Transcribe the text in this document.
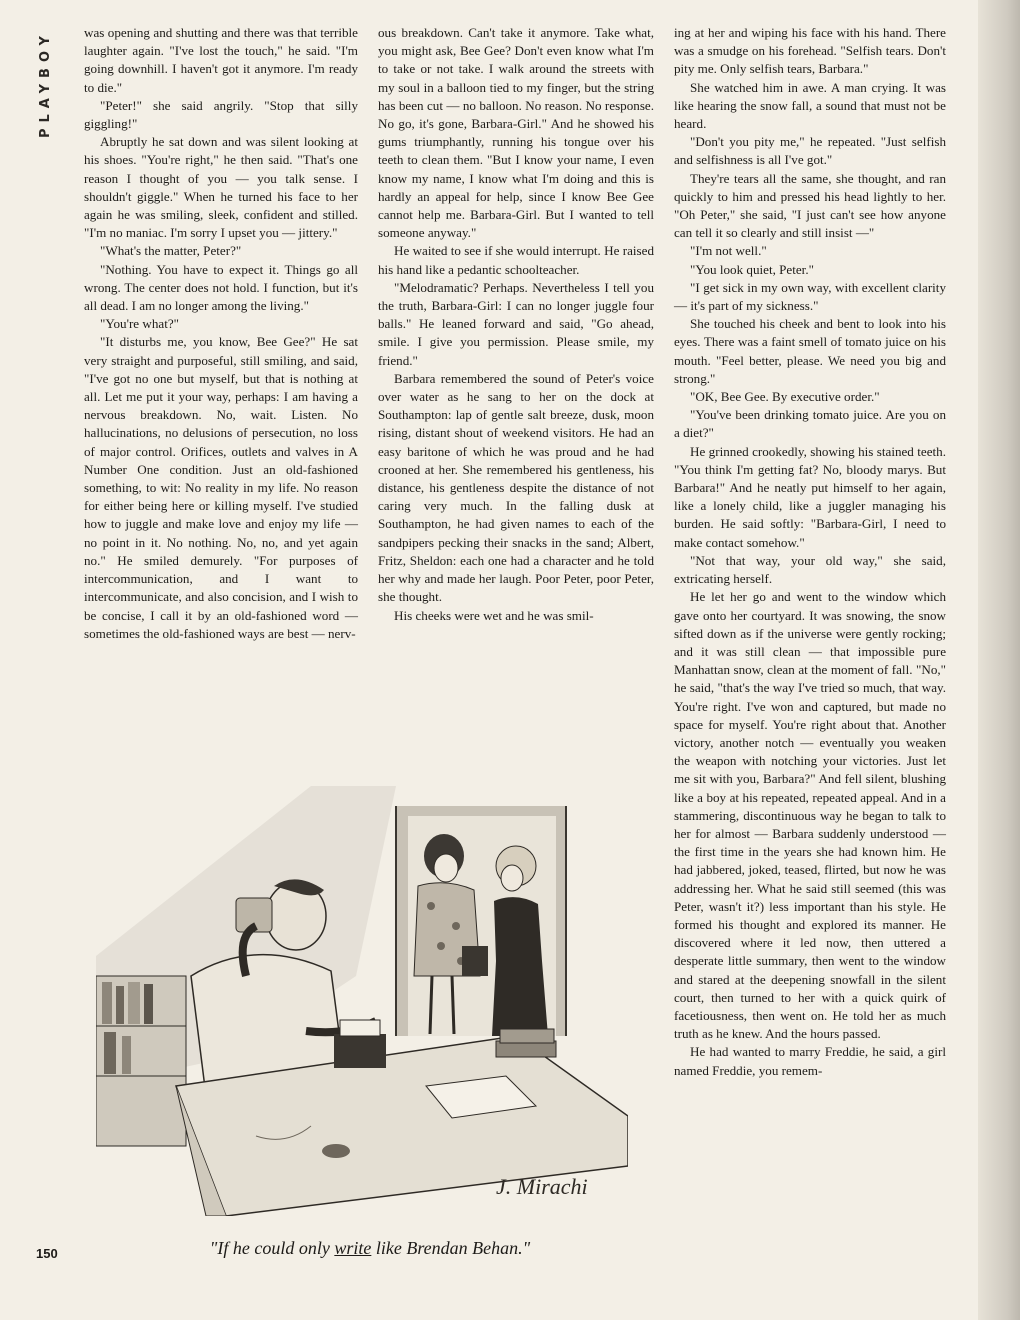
PLAYBOY	was opening and shutting and there was that terrible laughter again. "I've lost the touch," he said. "I'm going downhill. I haven't got it anymore. I'm ready to die."

"Peter!" she said angrily. "Stop that silly giggling!"

Abruptly he sat down and was silent looking at his shoes. "You're right," he then said. "That's one reason I thought of you — you talk sense. I shouldn't giggle." When he turned his face to her again he was smiling, sleek, confident and stilled. "I'm no maniac. I'm sorry I upset you — jittery."

"What's the matter, Peter?"

"Nothing. You have to expect it. Things go all wrong. The center does not hold. I function, but it's all dead. I am no longer among the living."

"You're what?"

"It disturbs me, you know, Bee Gee?" He sat very straight and purposeful, still smiling, and said, "I've got no one but myself, but that is nothing at all. Let me put it your way, perhaps: I am having a nervous breakdown. No, wait. Listen. No hallucinations, no delusions of persecution, no loss of major control. Orifices, outlets and valves in A Number One condition. Just an old-fashioned something, to wit: No reality in my life. No reason for either being here or killing myself. I've studied how to juggle and make love and enjoy my life — no point in it. No nothing. No, no, and yet again no." He smiled demurely. "For purposes of intercommunication, and I want to intercommunicate, and also concision, and I wish to be concise, I call it by an old-fashioned word — sometimes the old-fashioned ways are best — nerv-

ous breakdown. Can't take it anymore. Take what, you might ask, Bee Gee? Don't even know what I'm to take or not take. I walk around the streets with my soul in a balloon tied to my finger, but the string has been cut — no balloon. No reason. No response. No go, it's gone, Barbara-Girl." And he showed his gums triumphantly, running his tongue over his teeth to clean them. "But I know your name, I even know my name, I know what I'm doing and this is hardly an appeal for help, since I know Bee Gee cannot help me. Barbara-Girl. But I wanted to tell someone anyway."

He waited to see if she would interrupt. He raised his hand like a pedantic schoolteacher.

"Melodramatic? Perhaps. Nevertheless I tell you the truth, Barbara-Girl: I can no longer juggle four balls." He leaned forward and said, "Go ahead, smile. I give you permission. Please smile, my friend."

Barbara remembered the sound of Peter's voice over water as he sang to her on the dock at Southampton: lap of gentle salt breeze, dusk, moon rising, distant shout of weekend visitors. He had an easy baritone of which he was proud and he had crooned at her. She remembered his gentleness, his distance, his gentleness despite the distance of not caring very much. In the falling dusk at Southampton, he had given names to each of the sandpipers pecking their snacks in the sand; Albert, Fritz, Sheldon: each one had a character and he told her why and made her laugh. Poor Peter, poor Peter, she thought.

His cheeks were wet and he was smil-

ing at her and wiping his face with his hand. There was a smudge on his forehead. "Selfish tears. Don't pity me. Only selfish tears, Barbara."

She watched him in awe. A man crying. It was like hearing the snow fall, a sound that must not be heard.

"Don't you pity me," he repeated. "Just selfish and selfishness is all I've got."

They're tears all the same, she thought, and ran quickly to him and pressed his head lightly to her. "Oh Peter," she said, "I just can't see how anyone can tell it so clearly and still insist —"

"I'm not well."

"You look quiet, Peter."

"I get sick in my own way, with excellent clarity — it's part of my sickness."

She touched his cheek and bent to look into his eyes. There was a faint smell of tomato juice on his mouth. "Feel better, please. We need you big and strong."

"OK, Bee Gee. By executive order."

"You've been drinking tomato juice. Are you on a diet?"

He grinned crookedly, showing his stained teeth. "You think I'm getting fat? No, bloody marys. But Barbara!" And he neatly put himself to her again, like a lonely child, like a juggler managing his burden. He said softly: "Barbara-Girl, I need to make contact somehow."

"Not that way, your old way," she said, extricating herself.

He let her go and went to the window which gave onto her courtyard. It was snowing, the snow sifted down as if the universe were gently rocking; and it was still clean — that impossible pure Manhattan snow, clean at the moment of fall. "No," he said, "that's the way I've tried so much, that way. You're right. I've won and captured, but made no space for myself. You're right about that. Another victory, another notch — eventually you weaken the weapon with notching your victories. Just let me sit with you, Barbara?" And fell silent, blushing like a boy at his repeated, repeated appeal. And in a stammering, discontinuous way he began to talk to her for almost — Barbara suddenly understood — the first time in the years she had known him. He had jabbered, joked, teased, flirted, but now he was addressing her. What he said still seemed (this was Peter, wasn't it?) less important than his style. He formed his thought and explored its manner. He discovered where it led now, then uttered a desperate little summary, then went to the window and stared at the deepening snowfall in the silent court, then turned to her with a quick quirk of facetiousness, then went on. He told her as much truth as he knew. And the hours passed.

He had wanted to marry Freddie, he said, a girl named Freddie, you remem-

J. Mirachi
"If he could only write like Brendan Behan."
150
